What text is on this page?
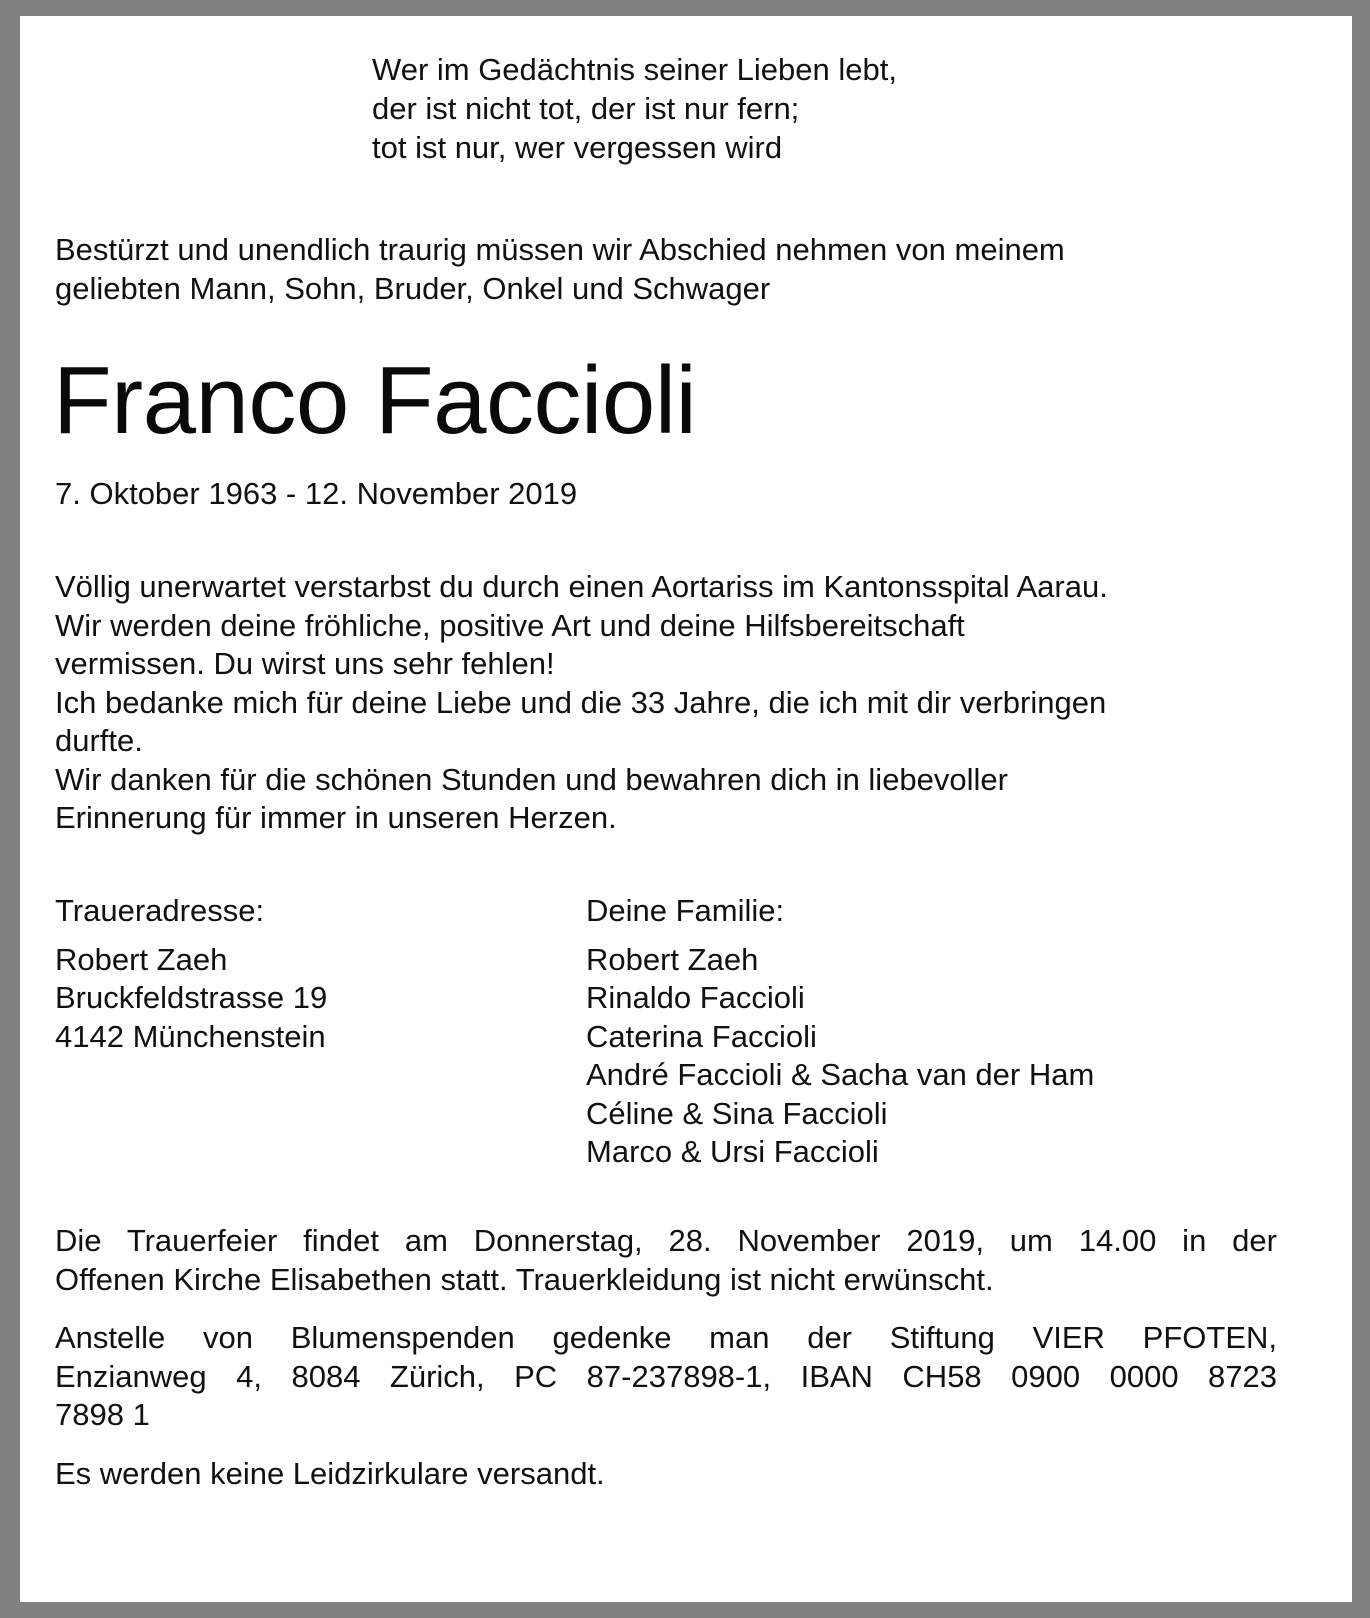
Wer im Gedächtnis seiner Lieben lebt,
der ist nicht tot, der ist nur fern;
tot ist nur, wer vergessen wird
Bestürzt und unendlich traurig müssen wir Abschied nehmen von meinem
geliebten Mann, Sohn, Bruder, Onkel und Schwager
Franco Faccioli
7. Oktober 1963 - 12. November 2019
Völlig unerwartet verstarbst du durch einen Aortariss im Kantonsspital Aarau.
Wir werden deine fröhliche, positive Art und deine Hilfsbereitschaft
vermissen. Du wirst uns sehr fehlen!
Ich bedanke mich für deine Liebe und die 33 Jahre, die ich mit dir verbringen
durfte.
Wir danken für die schönen Stunden und bewahren dich in liebevoller
Erinnerung für immer in unseren Herzen.
Traueradresse:
Robert Zaeh
Bruckfeldstrasse 19
4142 Münchenstein
Deine Familie:
Robert Zaeh
Rinaldo Faccioli
Caterina Faccioli
André Faccioli & Sacha van der Ham
Céline & Sina Faccioli
Marco & Ursi Faccioli
Die Trauerfeier findet am Donnerstag, 28. November 2019, um 14.00 in der
Offenen Kirche Elisabethen statt. Trauerkleidung ist nicht erwünscht.
Anstelle von Blumenspenden gedenke man der Stiftung VIER PFOTEN,
Enzianweg 4, 8084 Zürich, PC 87-237898-1, IBAN CH58 0900 0000 8723
7898 1
Es werden keine Leidzirkulare versandt.
